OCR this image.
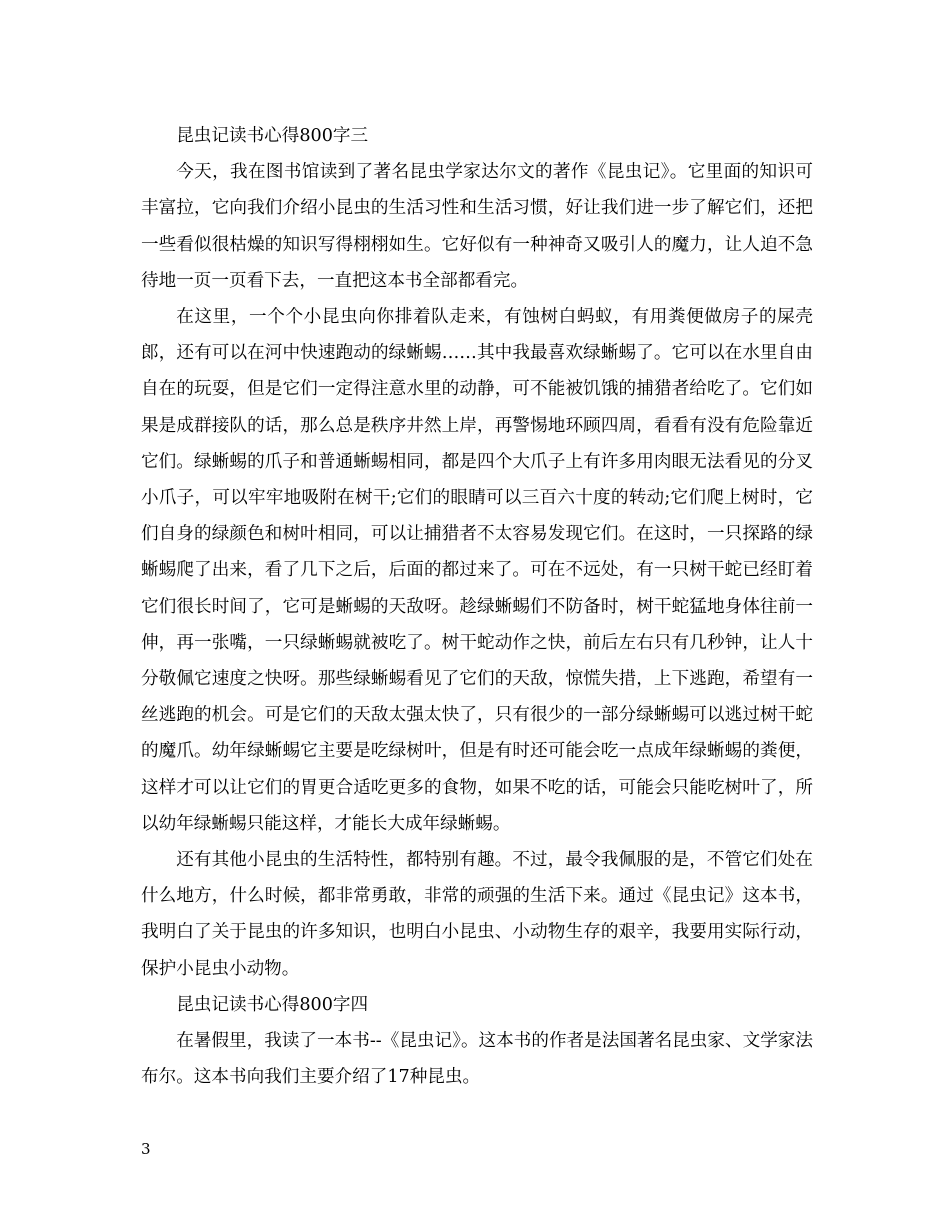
昆虫记读书心得800字三

今天，我在图书馆读到了著名昆虫学家达尔文的著作《昆虫记》。它里面的知识可丰富拉，它向我们介绍小昆虫的生活习性和生活习惯，好让我们进一步了解它们，还把一些看似很枯燥的知识写得栩栩如生。它好似有一种神奇又吸引人的魔力，让人迫不急待地一页一页看下去，一直把这本书全部都看完。

在这里，一个个小昆虫向你排着队走来，有蚀树白蚂蚁，有用粪便做房子的屎壳郎，还有可以在河中快速跑动的绿蜥蜴……其中我最喜欢绿蜥蜴了。它可以在水里自由自在的玩耍，但是它们一定得注意水里的动静，可不能被饥饿的捕猎者给吃了。它们如果是成群接队的话，那么总是秩序井然上岸，再警惕地环顾四周，看看有没有危险靠近它们。绿蜥蜴的爪子和普通蜥蜴相同，都是四个大爪子上有许多用肉眼无法看见的分叉小爪子，可以牢牢地吸附在树干;它们的眼睛可以三百六十度的转动;它们爬上树时，它们自身的绿颜色和树叶相同，可以让捕猎者不太容易发现它们。在这时，一只探路的绿蜥蜴爬了出来，看了几下之后，后面的都过来了。可在不远处，有一只树干蛇已经盯着它们很长时间了，它可是蜥蜴的天敌呀。趁绿蜥蜴们不防备时，树干蛇猛地身体往前一伸，再一张嘴，一只绿蜥蜴就被吃了。树干蛇动作之快，前后左右只有几秒钟，让人十分敬佩它速度之快呀。那些绿蜥蜴看见了它们的天敌，惊慌失措，上下逃跑，希望有一丝逃跑的机会。可是它们的天敌太强太快了，只有很少的一部分绿蜥蜴可以逃过树干蛇的魔爪。幼年绿蜥蜴它主要是吃绿树叶，但是有时还可能会吃一点成年绿蜥蜴的粪便，这样才可以让它们的胃更合适吃更多的食物，如果不吃的话，可能会只能吃树叶了，所以幼年绿蜥蜴只能这样，才能长大成年绿蜥蜴。

还有其他小昆虫的生活特性，都特别有趣。不过，最令我佩服的是，不管它们处在什么地方，什么时候，都非常勇敢，非常的顽强的生活下来。通过《昆虫记》这本书，我明白了关于昆虫的许多知识，也明白小昆虫、小动物生存的艰辛，我要用实际行动，保护小昆虫小动物。

昆虫记读书心得800字四

在暑假里，我读了一本书--《昆虫记》。这本书的作者是法国著名昆虫家、文学家法布尔。这本书向我们主要介绍了17种昆虫。

3
